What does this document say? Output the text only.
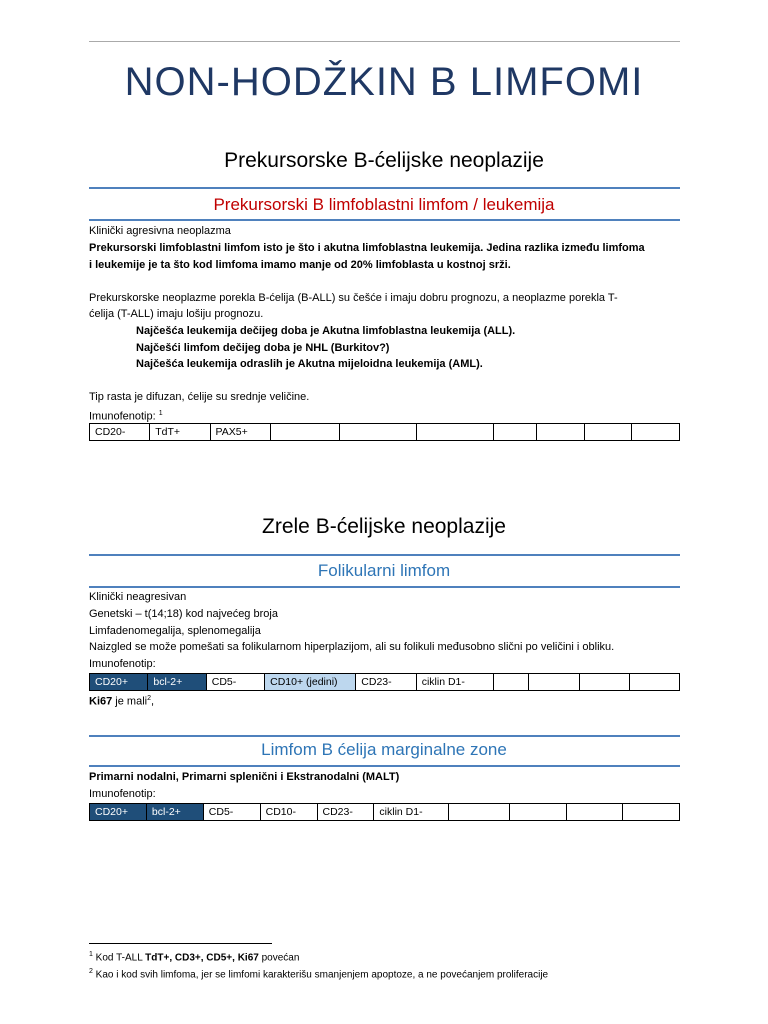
NON-HODŽKIN B LIMFOMI
Prekursorske B-ćelijske neoplazije
Prekursorski B limfoblastni limfom / leukemija
Klinički agresivna neoplazma
Prekursorski limfoblastni limfom isto je što i akutna limfoblastna leukemija. Jedina razlika između limfoma
i leukemije je ta što kod limfoma imamo manje od 20% limfoblasta u kostnoj srži.
Prekurskorske neoplazme porekla B-ćelija (B-ALL) su češće i imaju dobru prognozu, a neoplazme porekla T-
ćelija (T-ALL) imaju lošiju prognozu.
Najčešća leukemija dečijeg doba je Akutna limfoblastna leukemija (ALL).
Najčešći limfom dečijeg doba je NHL (Burkitov?)
Najčešća leukemija odraslih je Akutna mijeloidna leukemija (AML).
Tip rasta je difuzan, ćelije su srednje veličine.
Imunofenotip: $^1$
CD20-	TdT+	PAX5+							
Zrele B-ćelijske neoplazije
Folikularni limfom
Klinički neagresivan
Genetski – t(14;18) kod najvećeg broja
Limfadenomegalija, splenomegalija
Naizgled se može pomešati sa folikularnom hiperplazijom, ali su folikuli međusobno slični po veličini i obliku.
Imunofenotip:
CD20+	bcl-2+	CD5-	CD10+ (jedini)	CD23-	ciklin D1-				
Ki67 je mali$^2$,
Limfom B ćelija marginalne zone
Primarni nodalni, Primarni splenični i Ekstranodalni (MALT)
Imunofenotip:
CD20+	bcl-2+	CD5-	CD10-	CD23-	ciklin D1-				
$^1$ Kod T-ALL TdT+, CD3+, CD5+, Ki67 povećan
$^2$ Kao i kod svih limfoma, jer se limfomi karakterišu smanjenjem apoptoze, a ne povećanjem proliferacije
